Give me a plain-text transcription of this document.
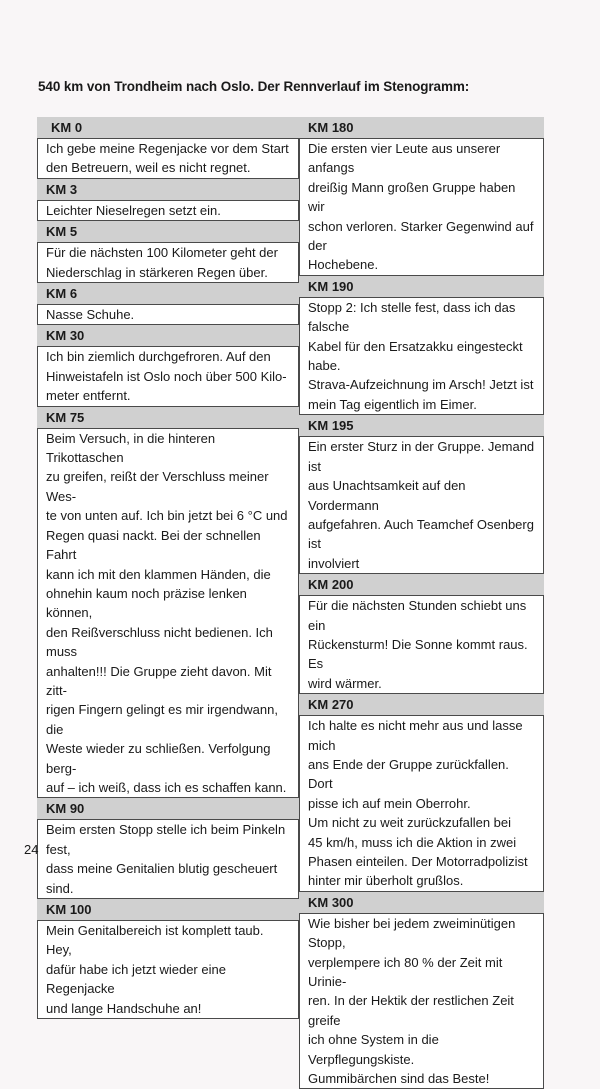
540 km von Trondheim nach Oslo. Der Rennverlauf im Stenogramm:
KM 0
Ich gebe meine Regenjacke vor dem Start
den Betreuern, weil es nicht regnet.
KM 3
Leichter Nieselregen setzt ein.
KM 5
Für die nächsten 100 Kilometer geht der
Niederschlag in stärkeren Regen über.
KM 6
Nasse Schuhe.
KM 30
Ich bin ziemlich durchgefroren. Auf den
Hinweistafeln ist Oslo noch über 500 Kilo-
meter entfernt.
KM 75
Beim Versuch, in die hinteren Trikottaschen
zu greifen, reißt der Verschluss meiner Wes-
te von unten auf. Ich bin jetzt bei 6 °C und
Regen quasi nackt. Bei der schnellen Fahrt
kann ich mit den klammen Händen, die
ohnehin kaum noch präzise lenken können,
den Reißverschluss nicht bedienen. Ich muss
anhalten!!! Die Gruppe zieht davon. Mit zitt-
rigen Fingern gelingt es mir irgendwann, die
Weste wieder zu schließen. Verfolgung berg-
auf – ich weiß, dass ich es schaffen kann.
KM 90
Beim ersten Stopp stelle ich beim Pinkeln fest,
dass meine Genitalien blutig gescheuert sind.
KM 100
Mein Genitalbereich ist komplett taub. Hey,
dafür habe ich jetzt wieder eine Regenjacke
und lange Handschuhe an!
KM 180
Die ersten vier Leute aus unserer anfangs
dreißig Mann großen Gruppe haben wir
schon verloren. Starker Gegenwind auf der
Hochebene.
KM 190
Stopp 2: Ich stelle fest, dass ich das falsche
Kabel für den Ersatzakku eingesteckt habe.
Strava-Aufzeichnung im Arsch! Jetzt ist
mein Tag eigentlich im Eimer.
KM 195
Ein erster Sturz in der Gruppe. Jemand ist
aus Unachtsamkeit auf den Vordermann
aufgefahren. Auch Teamchef Osenberg ist
involviert
KM 200
Für die nächsten Stunden schiebt uns ein
Rückensturm! Die Sonne kommt raus. Es
wird wärmer.
KM 270
Ich halte es nicht mehr aus und lasse mich
ans Ende der Gruppe zurückfallen. Dort
pisse ich auf mein Oberrohr.
Um nicht zu weit zurückzufallen bei
45 km/h, muss ich die Aktion in zwei
Phasen einteilen. Der Motorradpolizist
hinter mir überholt grußlos.
KM 300
Wie bisher bei jedem zweiminütigen Stopp,
verplempere ich 80 % der Zeit mit Urinie-
ren. In der Hektik der restlichen Zeit greife
ich ohne System in die Verpflegungskiste.
Gummibärchen sind das Beste!
24
